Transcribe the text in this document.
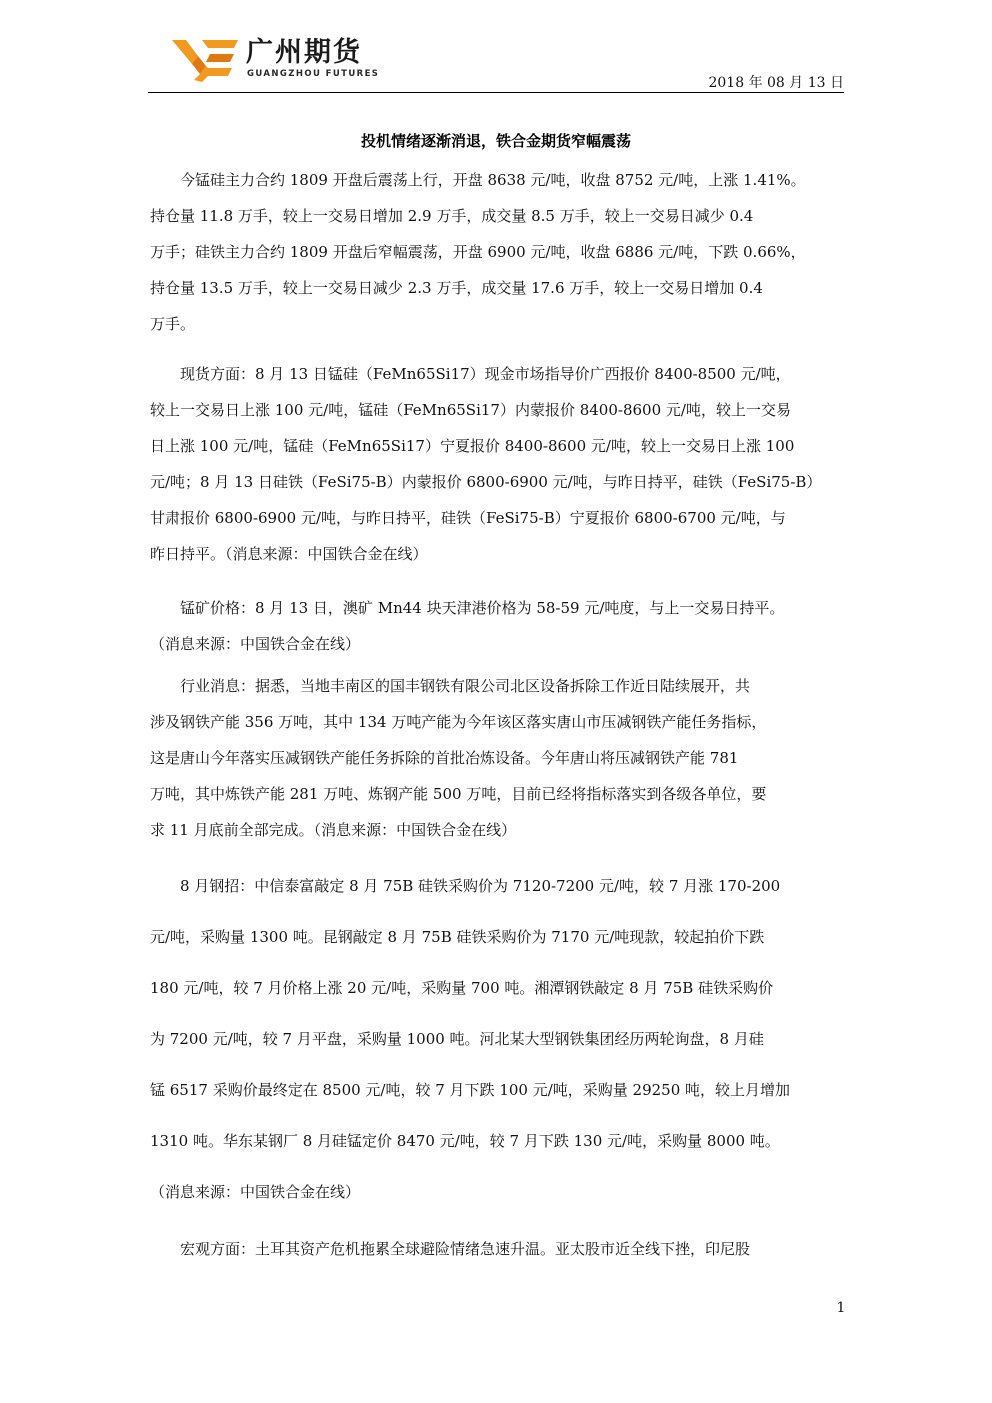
广州期货
GUANGZHOU FUTURES
2018 年 08 月 13 日
投机情绪逐渐消退，铁合金期货窄幅震荡
　　今锰硅主力合约 1809 开盘后震荡上行，开盘 8638 元/吨，收盘 8752 元/吨，上涨 1.41%。
持仓量 11.8 万手，较上一交易日增加 2.9 万手，成交量 8.5 万手，较上一交易日减少 0.4
万手；硅铁主力合约 1809 开盘后窄幅震荡，开盘 6900 元/吨，收盘 6886 元/吨，下跌 0.66%，
持仓量 13.5 万手，较上一交易日减少 2.3 万手，成交量 17.6 万手，较上一交易日增加 0.4
万手。
　　现货方面：8 月 13 日锰硅（FeMn65Si17）现金市场指导价广西报价 8400-8500 元/吨，
较上一交易日上涨 100 元/吨，锰硅（FeMn65Si17）内蒙报价 8400-8600 元/吨，较上一交易
日上涨 100 元/吨，锰硅（FeMn65Si17）宁夏报价 8400-8600 元/吨，较上一交易日上涨 100
元/吨；8 月 13 日硅铁（FeSi75-B）内蒙报价 6800-6900 元/吨，与昨日持平，硅铁（FeSi75-B）
甘肃报价 6800-6900 元/吨，与昨日持平，硅铁（FeSi75-B）宁夏报价 6800-6700 元/吨，与
昨日持平。（消息来源：中国铁合金在线）
　　锰矿价格：8 月 13 日，澳矿 Mn44 块天津港价格为 58-59 元/吨度，与上一交易日持平。
（消息来源：中国铁合金在线）
　　行业消息：据悉，当地丰南区的国丰钢铁有限公司北区设备拆除工作近日陆续展开，共
涉及钢铁产能 356 万吨，其中 134 万吨产能为今年该区落实唐山市压减钢铁产能任务指标，
这是唐山今年落实压减钢铁产能任务拆除的首批冶炼设备。今年唐山将压减钢铁产能 781
万吨，其中炼铁产能 281 万吨、炼钢产能 500 万吨，目前已经将指标落实到各级各单位，要
求 11 月底前全部完成。（消息来源：中国铁合金在线）
　　8 月钢招：中信泰富敲定 8 月 75B 硅铁采购价为 7120-7200 元/吨，较 7 月涨 170-200
元/吨，采购量 1300 吨。昆钢敲定 8 月 75B 硅铁采购价为 7170 元/吨现款，较起拍价下跌
180 元/吨，较 7 月价格上涨 20 元/吨，采购量 700 吨。湘潭钢铁敲定 8 月 75B 硅铁采购价
为 7200 元/吨，较 7 月平盘，采购量 1000 吨。河北某大型钢铁集团经历两轮询盘，8 月硅
锰 6517 采购价最终定在 8500 元/吨，较 7 月下跌 100 元/吨，采购量 29250 吨，较上月增加
1310 吨。华东某钢厂 8 月硅锰定价 8470 元/吨，较 7 月下跌 130 元/吨，采购量 8000 吨。
（消息来源：中国铁合金在线）
　　宏观方面：土耳其资产危机拖累全球避险情绪急速升温。亚太股市近全线下挫，印尼股
1
